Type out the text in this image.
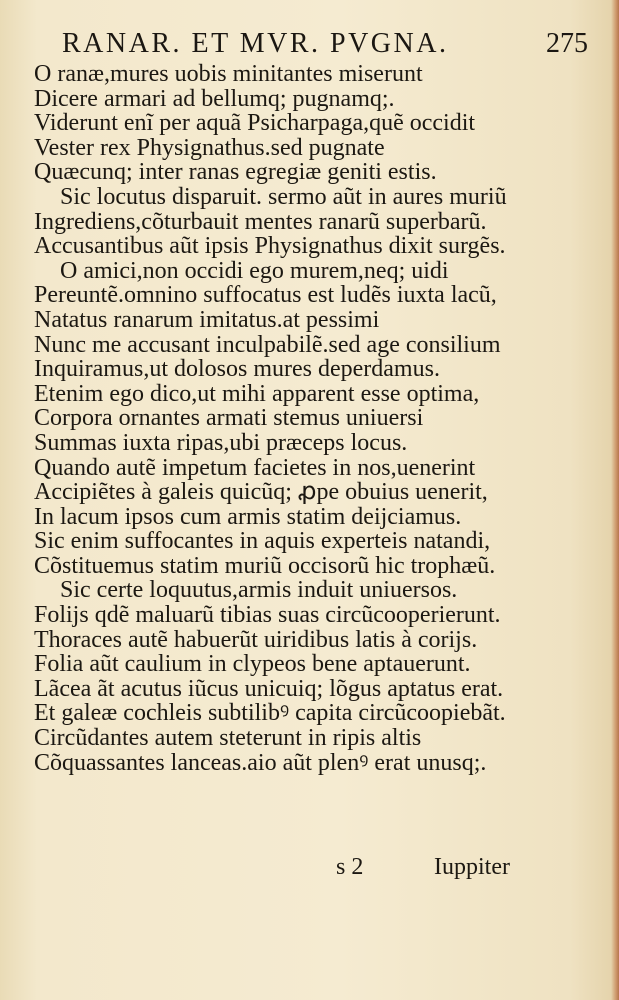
RANAR. ET MVR. PVGNA.	275
O ranæ,mures uobis minitantes miserunt
Dicere armari ad bellumq; pugnamq;.
Viderunt enĩ per aquã Psicharpaga,quẽ occidit
Vester rex Physignathus.sed pugnate
Quæcunq; inter ranas egregiæ geniti estis.
Sic locutus disparuit. sermo aũt in aures muriũ
Ingrediens,cõturbauit mentes ranarũ superbarũ.
Accusantibus aũt ipsis Physignathus dixit surgẽs.
O amici,non occidi ego murem,neq; uidi
Pereuntẽ.omnino suffocatus est ludẽs iuxta lacũ,
Natatus ranarum imitatus.at pessimi
Nunc me accusant inculpabilẽ.sed age consilium
Inquiramus,ut dolosos mures deperdamus.
Etenim ego dico,ut mihi apparent esse optima,
Corpora ornantes armati stemus uniuersi
Summas iuxta ripas,ubi præceps locus.
Quando autẽ impetum facietes in nos,uenerint
Accipiẽtes à galeis quicũq; ꝓpe obuius uenerit,
In lacum ipsos cum armis statim deijciamus.
Sic enim suffocantes in aquis experteis natandi,
Cõstituemus statim muriũ occisorũ hic trophæũ.
Sic certe loquutus,armis induit uniuersos.
Folijs qdẽ maluarũ tibias suas circũcooperierunt.
Thoraces autẽ habuerũt uiridibus latis à corijs.
Folia aũt caulium in clypeos bene aptauerunt.
Lãcea ãt acutus iũcus unicuiq; lõgus aptatus erat.
Et galeæ cochleis subtilibꝰ capita circũcoopiebãt.
Circũdantes autem steterunt in ripis altis
Cõquassantes lanceas.aio aũt plenꝰ erat unusq;.
s 2	Iuppiter
